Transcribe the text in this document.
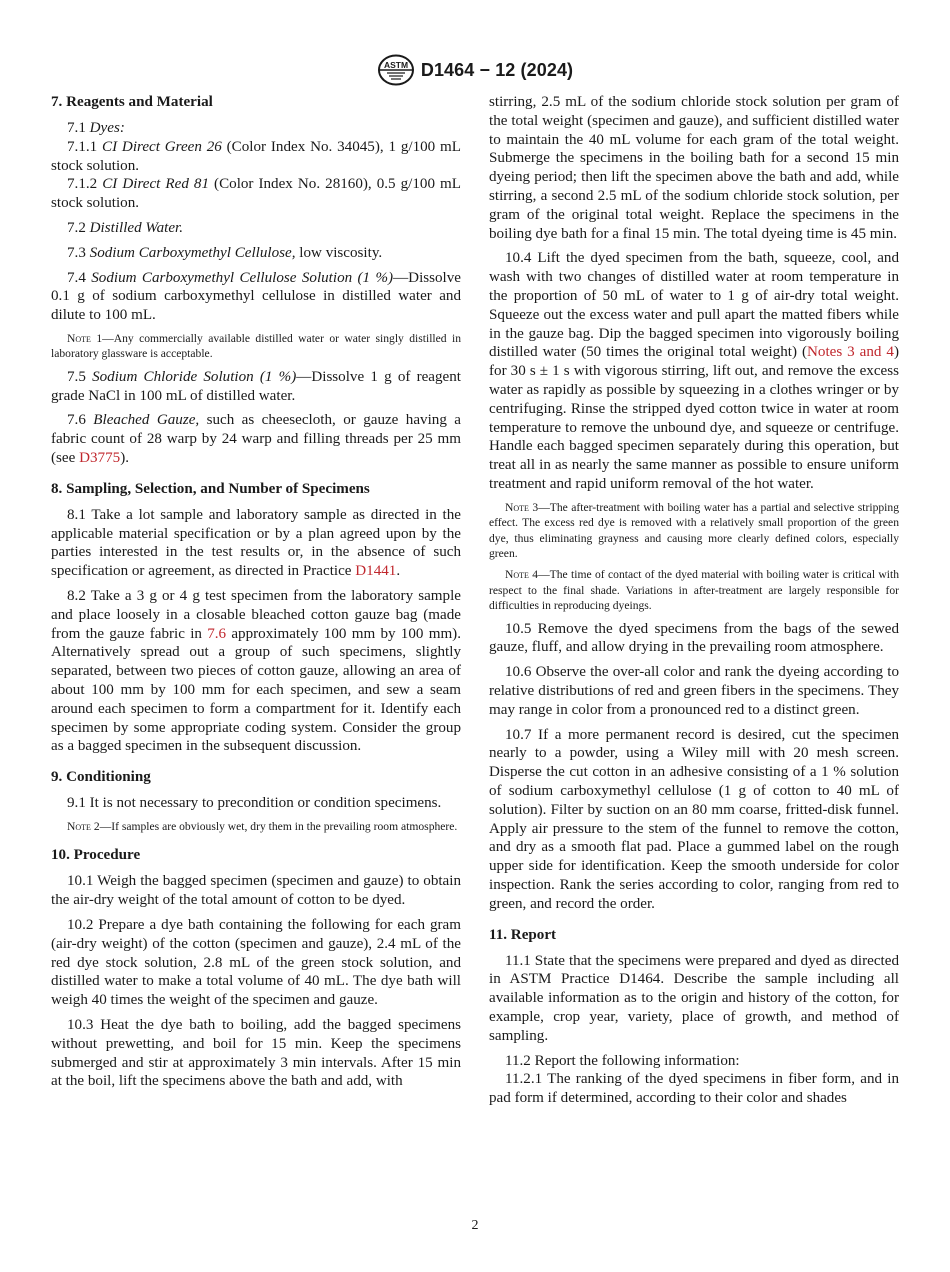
ASTM D1464 − 12 (2024)
7. Reagents and Material

7.1 Dyes:

7.1.1 CI Direct Green 26 (Color Index No. 34045), 1 g/100 mL stock solution.

7.1.2 CI Direct Red 81 (Color Index No. 28160), 0.5 g/100 mL stock solution.

7.2 Distilled Water.

7.3 Sodium Carboxymethyl Cellulose, low viscosity.

7.4 Sodium Carboxymethyl Cellulose Solution (1 %)—Dissolve 0.1 g of sodium carboxymethyl cellulose in distilled water and dilute to 100 mL.

Note 1—Any commercially available distilled water or water singly distilled in laboratory glassware is acceptable.

7.5 Sodium Chloride Solution (1 %)—Dissolve 1 g of reagent grade NaCl in 100 mL of distilled water.

7.6 Bleached Gauze, such as cheesecloth, or gauze having a fabric count of 28 warp by 24 warp and filling threads per 25 mm (see D3775).

8. Sampling, Selection, and Number of Specimens

8.1 Take a lot sample and laboratory sample as directed in the applicable material specification or by a plan agreed upon by the parties interested in the test results or, in the absence of such specification or agreement, as directed in Practice D1441.

8.2 Take a 3 g or 4 g test specimen from the laboratory sample and place loosely in a closable bleached cotton gauze bag (made from the gauze fabric in 7.6 approximately 100 mm by 100 mm). Alternatively spread out a group of such specimens, slightly separated, between two pieces of cotton gauze, allowing an area of about 100 mm by 100 mm for each specimen, and sew a seam around each specimen to form a compartment for it. Identify each specimen by some appropriate coding system. Consider the group as a bagged specimen in the subsequent discussion.

9. Conditioning

9.1 It is not necessary to precondition or condition specimens.

Note 2—If samples are obviously wet, dry them in the prevailing room atmosphere.

10. Procedure

10.1 Weigh the bagged specimen (specimen and gauze) to obtain the air-dry weight of the total amount of cotton to be dyed.

10.2 Prepare a dye bath containing the following for each gram (air-dry weight) of the cotton (specimen and gauze), 2.4 mL of the red dye stock solution, 2.8 mL of the green stock solution, and distilled water to make a total volume of 40 mL. The dye bath will weigh 40 times the weight of the specimen and gauze.

10.3 Heat the dye bath to boiling, add the bagged specimens without prewetting, and boil for 15 min. Keep the specimens submerged and stir at approximately 3 min intervals. After 15 min at the boil, lift the specimens above the bath and add, with

stirring, 2.5 mL of the sodium chloride stock solution per gram of the total weight (specimen and gauze), and sufficient distilled water to maintain the 40 mL volume for each gram of the total weight. Submerge the specimens in the boiling bath for a second 15 min dyeing period; then lift the specimen above the bath and add, while stirring, a second 2.5 mL of the sodium chloride stock solution, per gram of the original total weight. Replace the specimens in the boiling dye bath for a final 15 min. The total dyeing time is 45 min.

10.4 Lift the dyed specimen from the bath, squeeze, cool, and wash with two changes of distilled water at room temperature in the proportion of 50 mL of water to 1 g of air-dry total weight. Squeeze out the excess water and pull apart the matted fibers while in the gauze bag. Dip the bagged specimen into vigorously boiling distilled water (50 times the original total weight) (Notes 3 and 4) for 30 s ± 1 s with vigorous stirring, lift out, and remove the excess water as rapidly as possible by squeezing in a clothes wringer or by centrifuging. Rinse the stripped dyed cotton twice in water at room temperature to remove the unbound dye, and squeeze or centrifuge. Handle each bagged specimen separately during this operation, but treat all in as nearly the same manner as possible to ensure uniform treatment and rapid uniform removal of the hot water.

Note 3—The after-treatment with boiling water has a partial and selective stripping effect. The excess red dye is removed with a relatively small proportion of the green dye, thus eliminating grayness and causing more clearly defined colors, especially green.

Note 4—The time of contact of the dyed material with boiling water is critical with respect to the final shade. Variations in after-treatment are largely responsible for difficulties in reproducing dyeings.

10.5 Remove the dyed specimens from the bags of the sewed gauze, fluff, and allow drying in the prevailing room atmosphere.

10.6 Observe the over-all color and rank the dyeing according to relative distributions of red and green fibers in the specimens. They may range in color from a pronounced red to a distinct green.

10.7 If a more permanent record is desired, cut the specimen nearly to a powder, using a Wiley mill with 20 mesh screen. Disperse the cut cotton in an adhesive consisting of a 1 % solution of sodium carboxymethyl cellulose (1 g of cotton to 40 mL of solution). Filter by suction on an 80 mm coarse, fritted-disk funnel. Apply air pressure to the stem of the funnel to remove the cotton, and dry as a smooth flat pad. Place a gummed label on the rough upper side for identification. Keep the smooth underside for color inspection. Rank the series according to color, ranging from red to green, and record the order.

11. Report

11.1 State that the specimens were prepared and dyed as directed in ASTM Practice D1464. Describe the sample including all available information as to the origin and history of the cotton, for example, crop year, variety, place of growth, and method of sampling.

11.2 Report the following information:

11.2.1 The ranking of the dyed specimens in fiber form, and in pad form if determined, according to their color and shades

2
